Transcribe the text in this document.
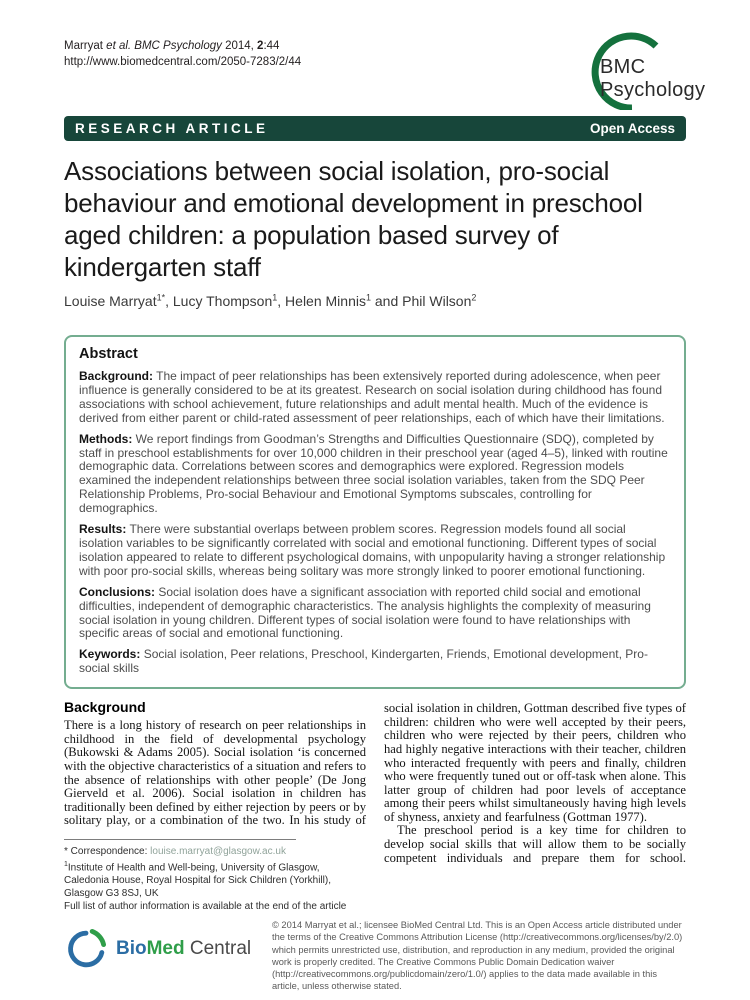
Marryat et al. BMC Psychology 2014, 2:44
http://www.biomedcentral.com/2050-7283/2/44	BMC
Psychology
RESEARCH ARTICLE	Open Access
Associations between social isolation, pro-social behaviour and emotional development in preschool aged children: a population based survey of kindergarten staff
Louise Marryat$^{1*}$, Lucy Thompson$^1$, Helen Minnis$^1$ and Phil Wilson$^2$
Abstract

Background: The impact of peer relationships has been extensively reported during adolescence, when peer influence is generally considered to be at its greatest. Research on social isolation during childhood has found associations with school achievement, future relationships and adult mental health. Much of the evidence is derived from either parent or child-rated assessment of peer relationships, each of which have their limitations.

Methods: We report findings from Goodman’s Strengths and Difficulties Questionnaire (SDQ), completed by staff in preschool establishments for over 10,000 children in their preschool year (aged 4–5), linked with routine demographic data. Correlations between scores and demographics were explored. Regression models examined the independent relationships between three social isolation variables, taken from the SDQ Peer Relationship Problems, Pro-social Behaviour and Emotional Symptoms subscales, controlling for demographics.

Results: There were substantial overlaps between problem scores. Regression models found all social isolation variables to be significantly correlated with social and emotional functioning. Different types of social isolation appeared to relate to different psychological domains, with unpopularity having a stronger relationship with poor pro-social skills, whereas being solitary was more strongly linked to poorer emotional functioning.

Conclusions: Social isolation does have a significant association with reported child social and emotional difficulties, independent of demographic characteristics. The analysis highlights the complexity of measuring social isolation in young children. Different types of social isolation were found to have relationships with specific areas of social and emotional functioning.

Keywords: Social isolation, Peer relations, Preschool, Kindergarten, Friends, Emotional development, Pro-social skills

Background

There is a long history of research on peer relationships in childhood in the field of developmental psychology (Bukowski & Adams 2005). Social isolation ‘is concerned with the objective characteristics of a situation and refers to the absence of relationships with other people’ (De Jong Gierveld et al. 2006). Social isolation in children has traditionally been defined by either rejection by peers or by solitary play, or a combination of the two. In his study of

* Correspondence: louise.marryat@glasgow.ac.uk

$^1$Institute of Health and Well-being, University of Glasgow, Caledonia House, Royal Hospital for Sick Children (Yorkhill), Glasgow G3 8SJ, UK

Full list of author information is available at the end of the article

social isolation in children, Gottman described five types of children: children who were well accepted by their peers, children who were rejected by their peers, children who had highly negative interactions with their teacher, children who interacted frequently with peers and finally, children who were frequently tuned out or off-task when alone. This latter group of children had poor levels of acceptance among their peers whilst simultaneously having high levels of shyness, anxiety and fearfulness (Gottman 1977).

The preschool period is a key time for children to develop social skills that will allow them to be socially competent individuals and prepare them for school.

BioMed Central
© 2014 Marryat et al.; licensee BioMed Central Ltd. This is an Open Access article distributed under the terms of the Creative Commons Attribution License (http://creativecommons.org/licenses/by/2.0) which permits unrestricted use, distribution, and reproduction in any medium, provided the original work is properly credited. The Creative Commons Public Domain Dedication waiver (http://creativecommons.org/publicdomain/zero/1.0/) applies to the data made available in this article, unless otherwise stated.
